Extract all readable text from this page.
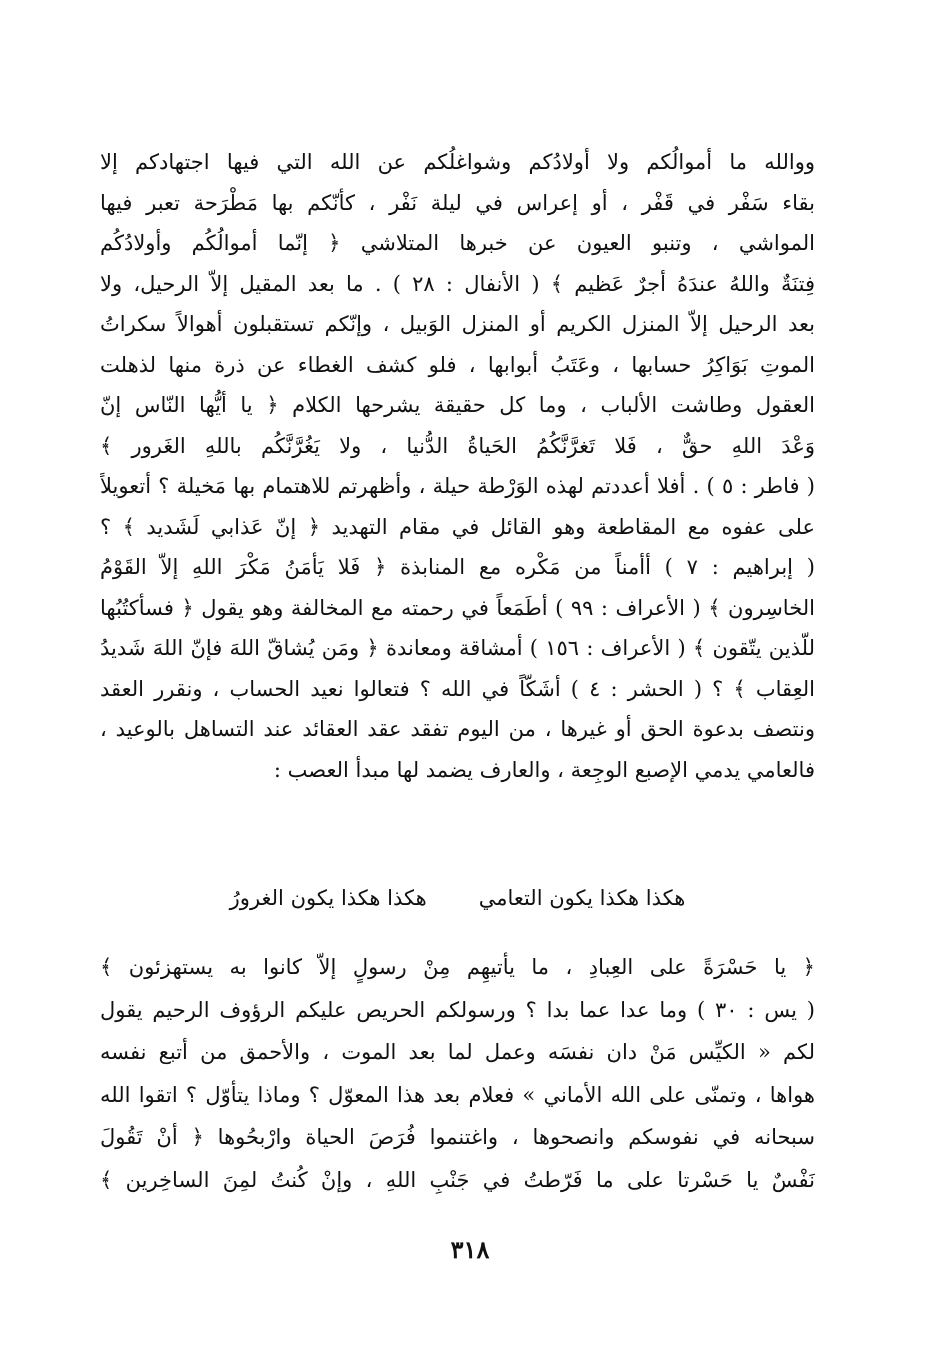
ووالله ما أموالُكم ولا أولادُكم وشواغلُكم عن الله التي فيها اجتهادكم إلا
بقاء سَفْر في قَفْر ، أو إعراس في ليلة نَفْر ، كأنّكم بها مَطْرَحة تعبر فيها
المواشي ، وتنبو العيون عن خبرها المتلاشي ﴿ إنّما أموالُكُم وأولادُكُم
فِتنَةٌ واللهُ عندَهُ أجرٌ عَظيم ﴾ ( الأنفال : ٢٨ ) . ما بعد المقيل إلاّ الرحيل، ولا
بعد الرحيل إلاّ المنزل الكريم أو المنزل الوَبيل ، وإنّكم تستقبلون أهوالاً سكراتُ
الموتِ بَوَاكِرُ حسابها ، وعَتَبُ أبوابها ، فلو كشف الغطاء عن ذرة منها لذهلت
العقول وطاشت الألباب ، وما كل حقيقة يشرحها الكلام ﴿ يا أيُّها النّاس إنّ
وَعْدَ اللهِ حقٌّ ، فَلا تَغرَّنَّكُمُ الحَياةُ الدُّنيا ، ولا يَغُرَّنَّكُم باللهِ الغَرور ﴾
( فاطر : ٥ ) . أفلا أعددتم لهذه الوَرْطة حيلة ، وأظهرتم للاهتمام بها مَخيلة ؟ أتعويلاً
على عفوه مع المقاطعة وهو القائل في مقام التهديد ﴿ إنّ عَذابي لَشَديد ﴾ ؟
( إبراهيم : ٧ ) أأمناً من مَكْره مع المنابذة ﴿ فَلا يَأمَنُ مَكْرَ اللهِ إلاّ القَوْمُ
الخاسِرون ﴾ ( الأعراف : ٩٩ ) أطَمَعاً في رحمته مع المخالفة وهو يقول ﴿ فسأكتُبُها
للّذين يتّقون ﴾ ( الأعراف : ١٥٦ ) أمشاقة ومعاندة ﴿ ومَن يُشاقّ اللهَ فإنّ اللهَ شَديدُ
العِقاب ﴾ ؟ ( الحشر : ٤ ) أشَكّاً في الله ؟ فتعالوا نعيد الحساب ، ونقرر العقد
ونتصف بدعوة الحق أو غيرها ، من اليوم تفقد عقد العقائد عند التساهل بالوعيد ،
فالعامي يدمي الإصبع الوجِعة ، والعارف يضمد لها مبدأ العصب :
هكذا هكذا يكون التعامي
هكذا هكذا يكون الغرورُ
﴿ يا حَسْرَةً على العِبادِ ، ما يأتيهِم مِنْ رسولٍ إلاّ كانوا به يستهزئون ﴾
( يس : ٣٠ ) وما عدا عما بدا ؟ ورسولكم الحريص عليكم الرؤوف الرحيم يقول
لكم « الكيِّس مَنْ دان نفسَه وعمل لما بعد الموت ، والأحمق من أتبع نفسه
هواها ، وتمنّى على الله الأماني » فعلام بعد هذا المعوّل ؟ وماذا يتأوّل ؟ اتقوا الله
سبحانه في نفوسكم وانصحوها ، واغتنموا فُرَصَ الحياة وارْبحُوها ﴿ أنْ تَقُولَ
نَفْسٌ يا حَسْرتا على ما فَرّطتُ في جَنْبِ اللهِ ، وإنْ كُنتُ لمِنَ الساخِرين ﴾
٣١٨
